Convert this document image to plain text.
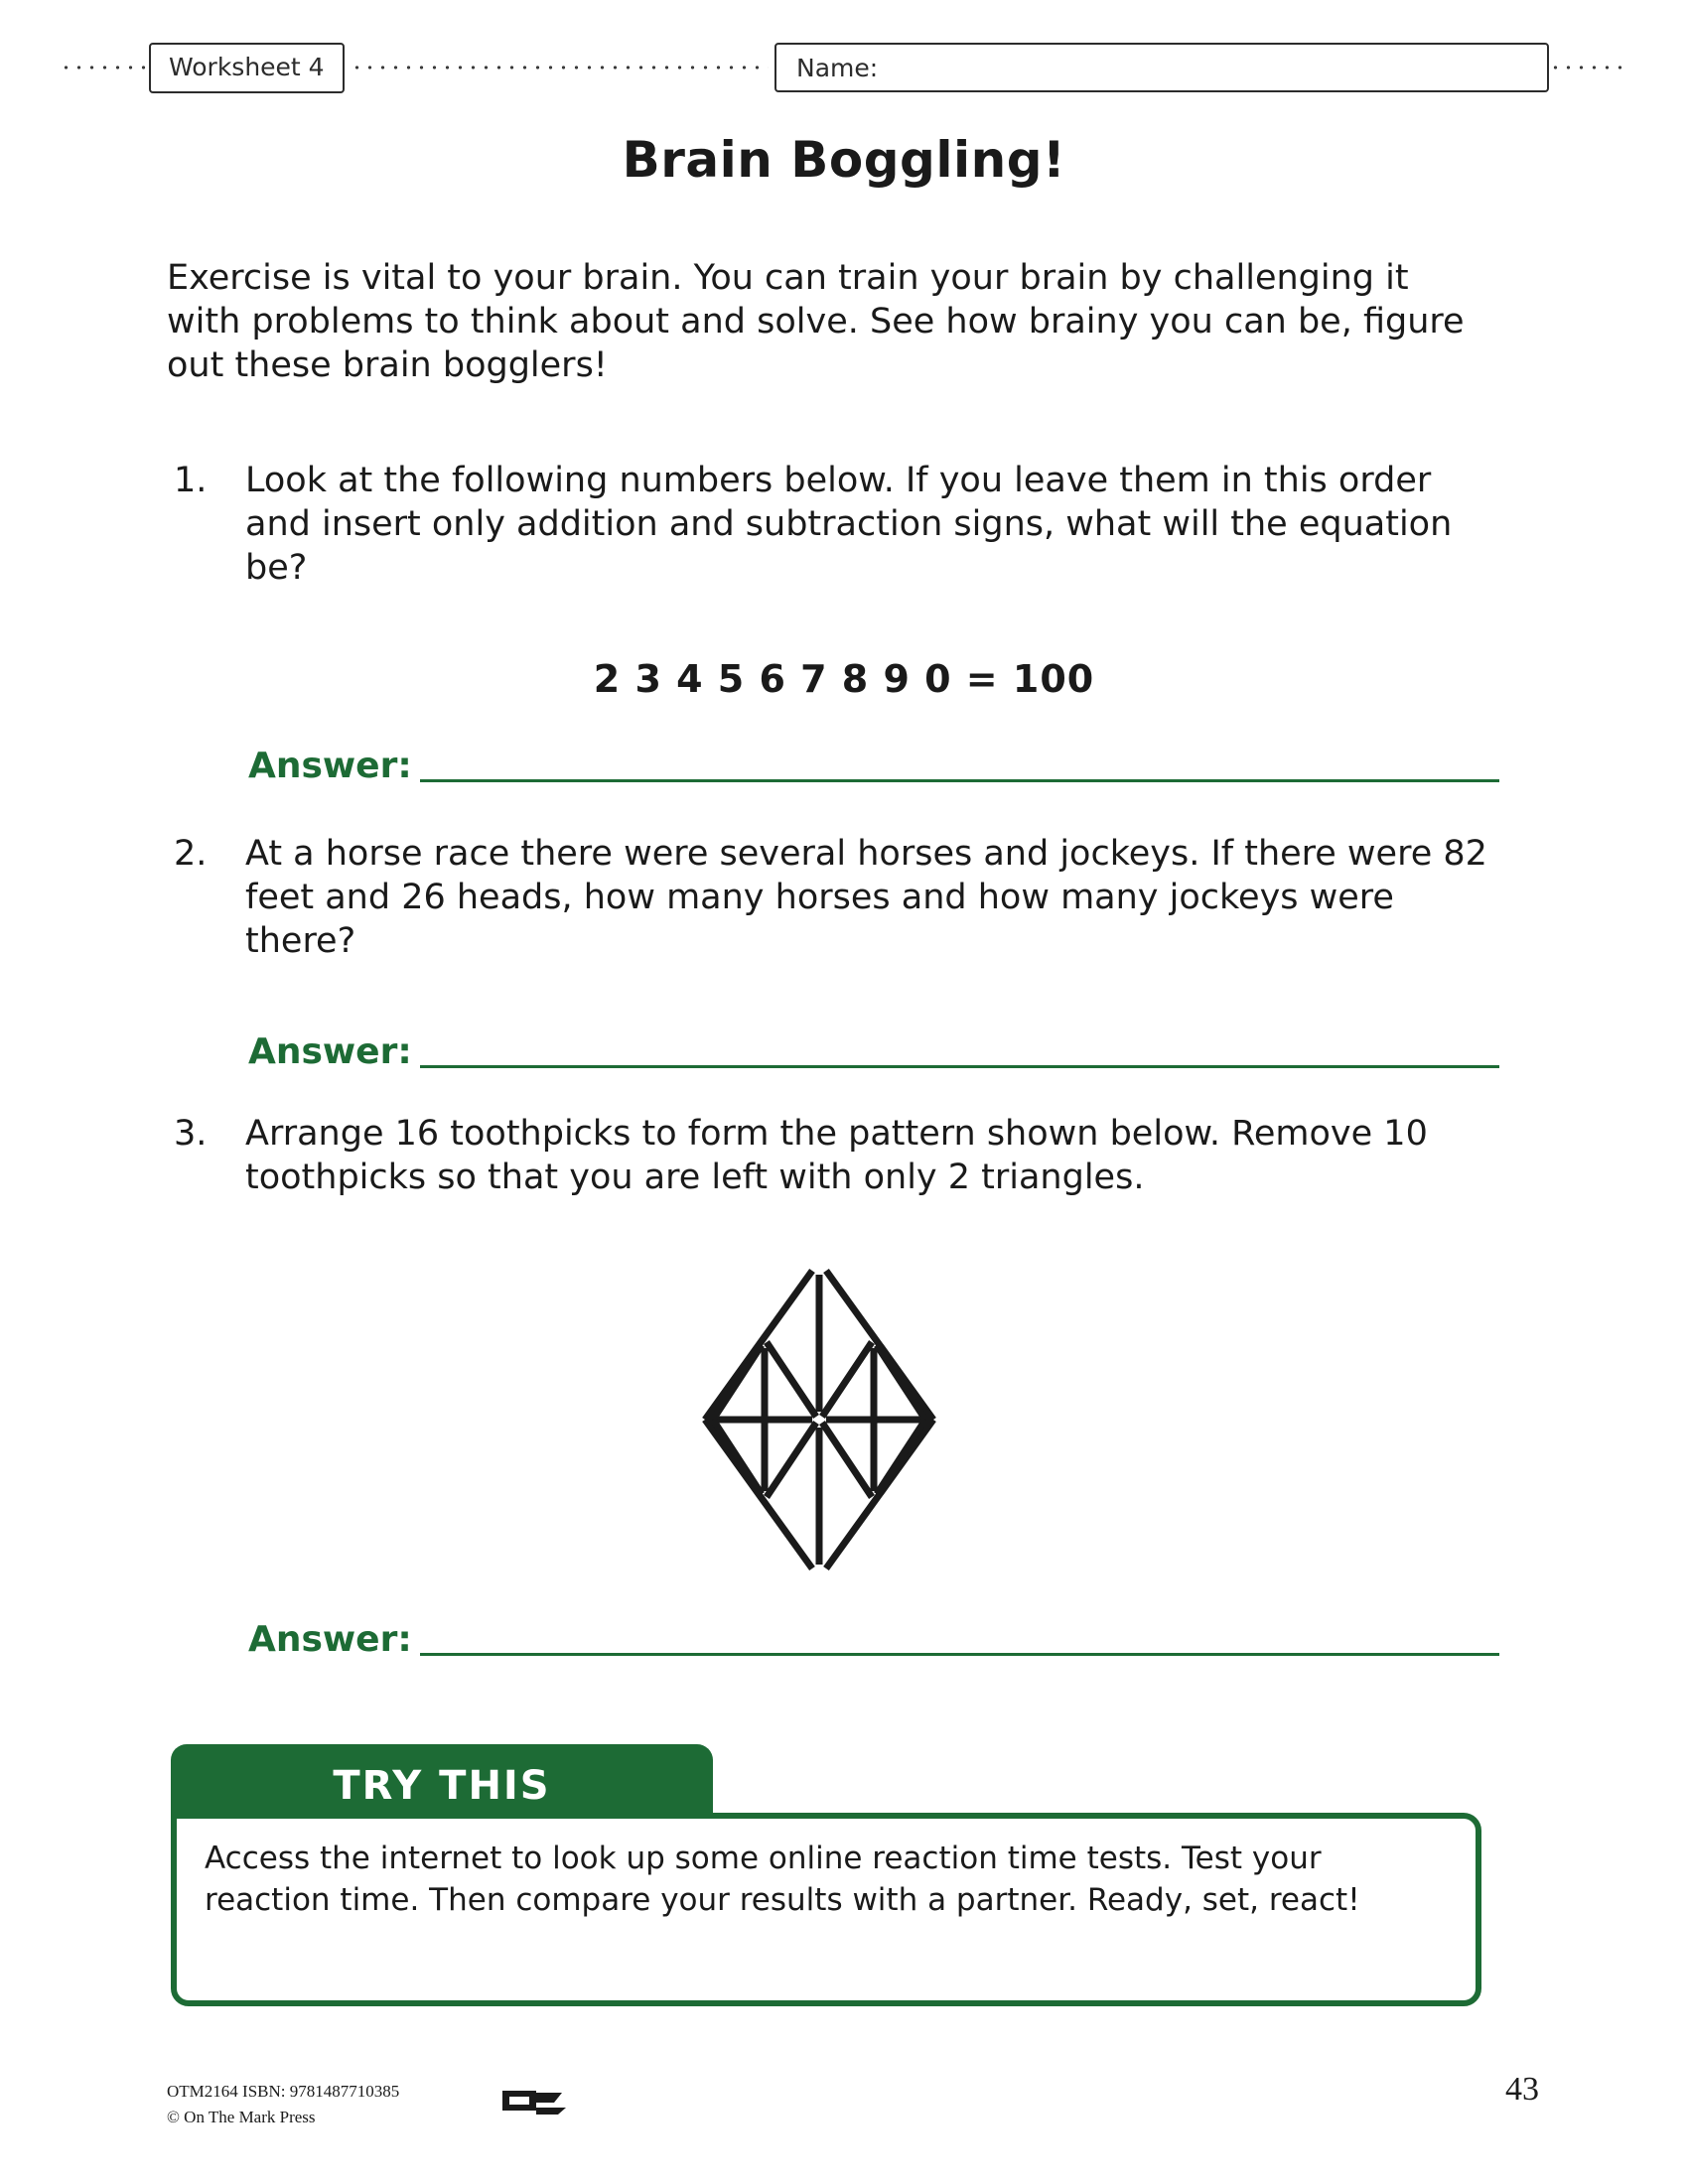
Worksheet 4	Name:
Brain Boggling!
Exercise is vital to your brain. You can train your brain by challenging it with problems to think about and solve. See how brainy you can be, figure out these brain bogglers!
1.	Look at the following numbers below. If you leave them in this order and insert only addition and subtraction signs, what will the equation be?
2 3 4 5 6 7 8 9 0 = 100
Answer:
2.	At a horse race there were several horses and jockeys. If there were 82 feet and 26 heads, how many horses and how many jockeys were there?
Answer:
3.	Arrange 16 toothpicks to form the pattern shown below. Remove 10 toothpicks so that you are left with only 2 triangles.
Answer:
TRY THIS

Access the internet to look up some online reaction time tests. Test your reaction time. Then compare your results with a partner. Ready, set, react!

OTM2164 ISBN: 9781487710385
© On The Mark Press
43
